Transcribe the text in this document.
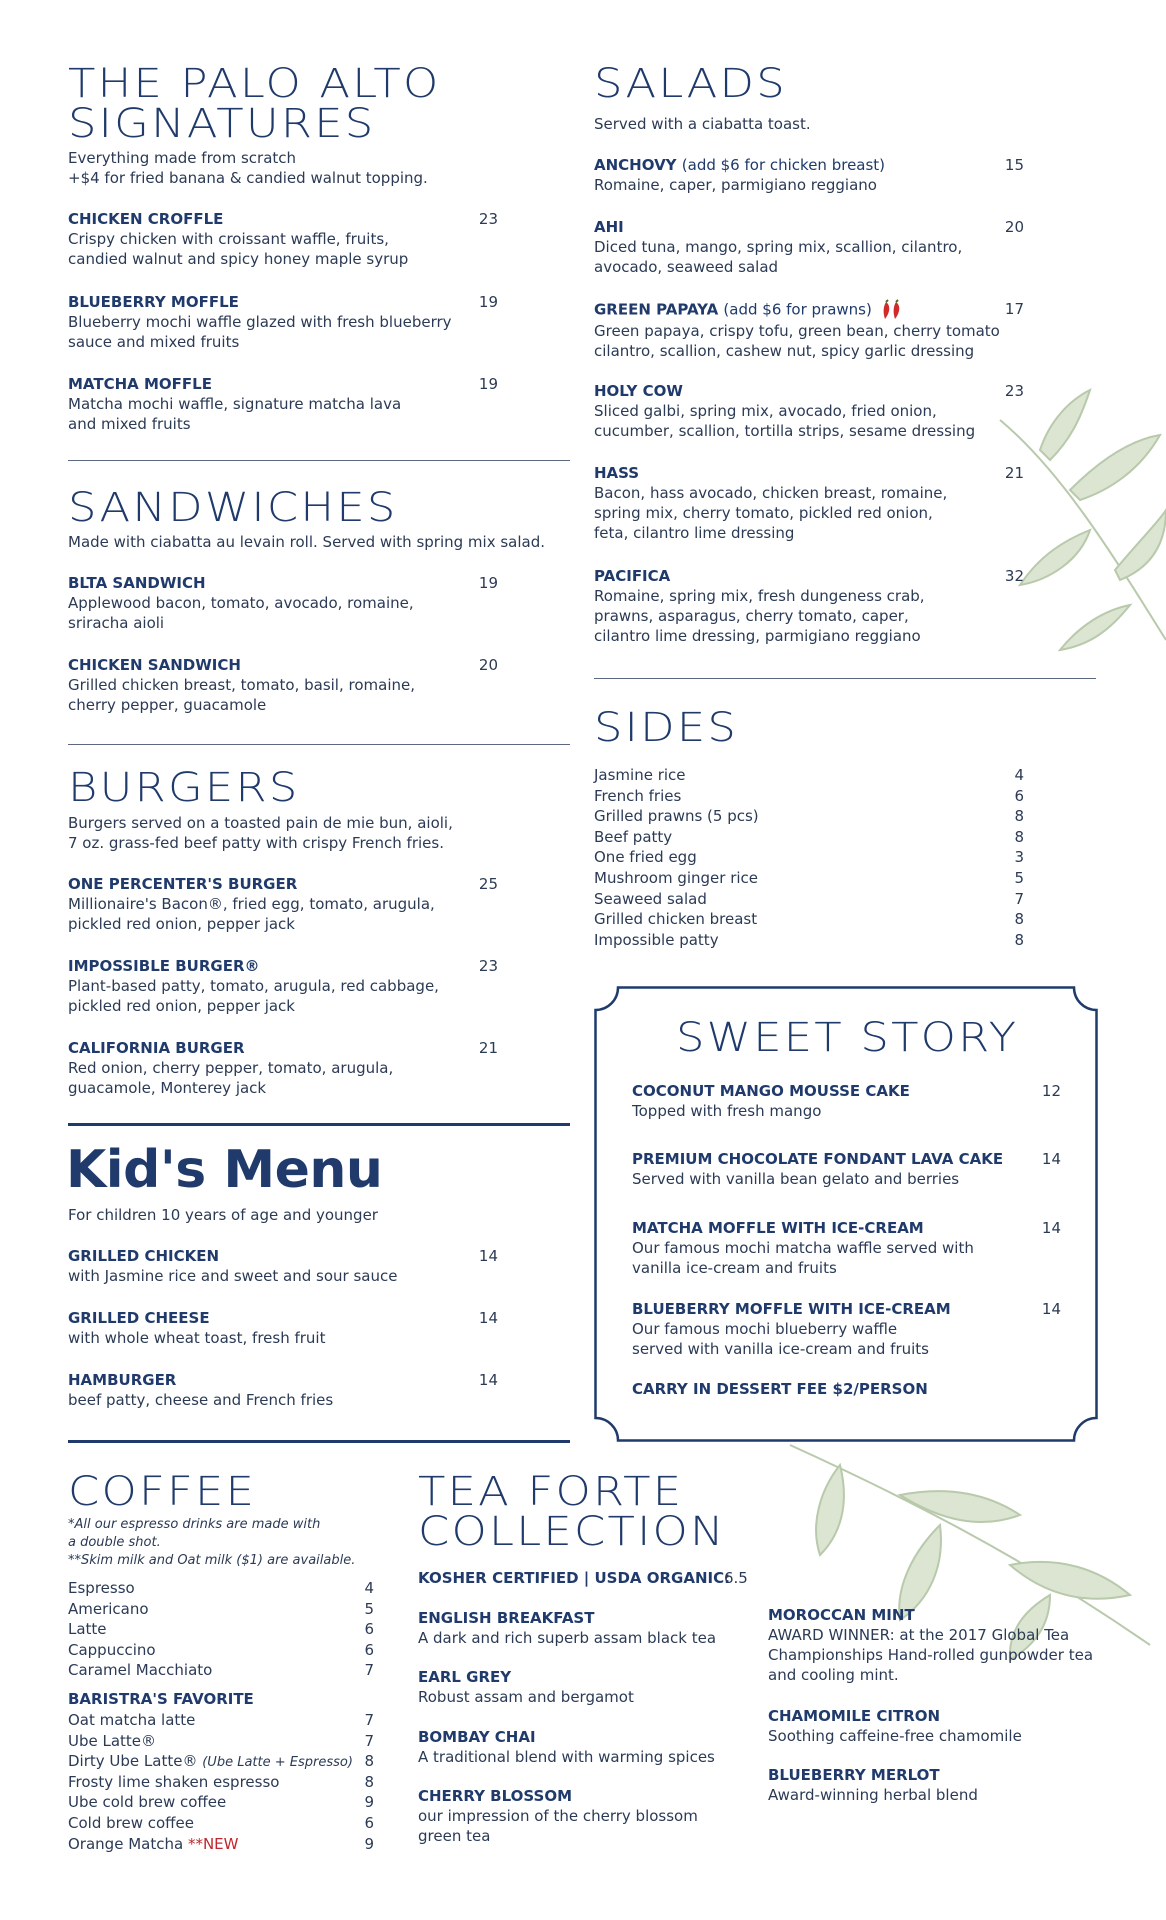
THE PALO ALTO
SIGNATURES
Everything made from scratch
+$4 for fried banana & candied walnut topping.
CHICKEN CROFFLE
Crispy chicken with croissant waffle, fruits,
candied walnut and spicy honey maple syrup
23
BLUEBERRY MOFFLE
Blueberry mochi waffle glazed with fresh blueberry
sauce and mixed fruits
19
MATCHA MOFFLE
Matcha mochi waffle, signature matcha lava
and mixed fruits
19
SANDWICHES
Made with ciabatta au levain roll. Served with spring mix salad.
BLTA SANDWICH
Applewood bacon, tomato, avocado, romaine,
sriracha aioli
19
CHICKEN SANDWICH
Grilled chicken breast, tomato, basil, romaine,
cherry pepper, guacamole
20
BURGERS
Burgers served on a toasted pain de mie bun, aioli,
7 oz. grass-fed beef patty with crispy French fries.
ONE PERCENTER'S BURGER
Millionaire's Bacon®, fried egg, tomato, arugula,
pickled red onion, pepper jack
25
IMPOSSIBLE BURGER®
Plant-based patty, tomato, arugula, red cabbage,
pickled red onion, pepper jack
23
CALIFORNIA BURGER
Red onion, cherry pepper, tomato, arugula,
guacamole, Monterey jack
21
Kid's Menu
For children 10 years of age and younger
GRILLED CHICKEN
with Jasmine rice and sweet and sour sauce
14
GRILLED CHEESE
with whole wheat toast, fresh fruit
14
HAMBURGER
beef patty, cheese and French fries
14
SALADS
Served with a ciabatta toast.
ANCHOVY (add $6 for chicken breast)
Romaine, caper, parmigiano reggiano
15
AHI
Diced tuna, mango, spring mix, scallion, cilantro,
avocado, seaweed salad
20
GREEN PAPAYA (add $6 for prawns)
Green papaya, crispy tofu, green bean, cherry tomato
cilantro, scallion, cashew nut, spicy garlic dressing
17
HOLY COW
Sliced galbi, spring mix, avocado, fried onion,
cucumber, scallion, tortilla strips, sesame dressing
23
HASS
Bacon, hass avocado, chicken breast, romaine,
spring mix, cherry tomato, pickled red onion,
feta, cilantro lime dressing
21
PACIFICA
Romaine, spring mix, fresh dungeness crab,
prawns, asparagus, cherry tomato, caper,
cilantro lime dressing, parmigiano reggiano
32
SIDES
Jasmine rice
French fries
Grilled prawns (5 pcs)
Beef patty
One fried egg
Mushroom ginger rice
Seaweed salad
Grilled chicken breast
Impossible patty
4
6
8
8
3
5
7
8
8
SWEET STORY
COCONUT MANGO MOUSSE CAKE
Topped with fresh mango
12
PREMIUM CHOCOLATE FONDANT LAVA CAKE
Served with vanilla bean gelato and berries
14
MATCHA MOFFLE WITH ICE-CREAM
Our famous mochi matcha waffle served with
vanilla ice-cream and fruits
14
BLUEBERRY MOFFLE WITH ICE-CREAM
Our famous mochi blueberry waffle
served with vanilla ice-cream and fruits
14
CARRY IN DESSERT FEE $2/PERSON
COFFEE
*All our espresso drinks are made with
a double shot.
**Skim milk and Oat milk ($1) are available.
Espresso
Americano
Latte
Cappuccino
Caramel Macchiato
4
5
6
6
7
BARISTRA'S FAVORITE
Oat matcha latte
Ube Latte®
Dirty Ube Latte® (Ube Latte + Espresso)
Frosty lime shaken espresso
Ube cold brew coffee
Cold brew coffee
Orange Matcha **NEW
7
7
8
8
9
6
9
TEA FORTE
COLLECTION
KOSHER CERTIFIED | USDA ORGANIC:
6.5
ENGLISH BREAKFAST
A dark and rich superb assam black tea
EARL GREY
Robust assam and bergamot
BOMBAY CHAI
A traditional blend with warming spices
CHERRY BLOSSOM
our impression of the cherry blossom
green tea
MOROCCAN MINT
AWARD WINNER: at the 2017 Global Tea
Championships Hand-rolled gunpowder tea
and cooling mint.
CHAMOMILE CITRON
Soothing caffeine-free chamomile
BLUEBERRY MERLOT
Award-winning herbal blend
